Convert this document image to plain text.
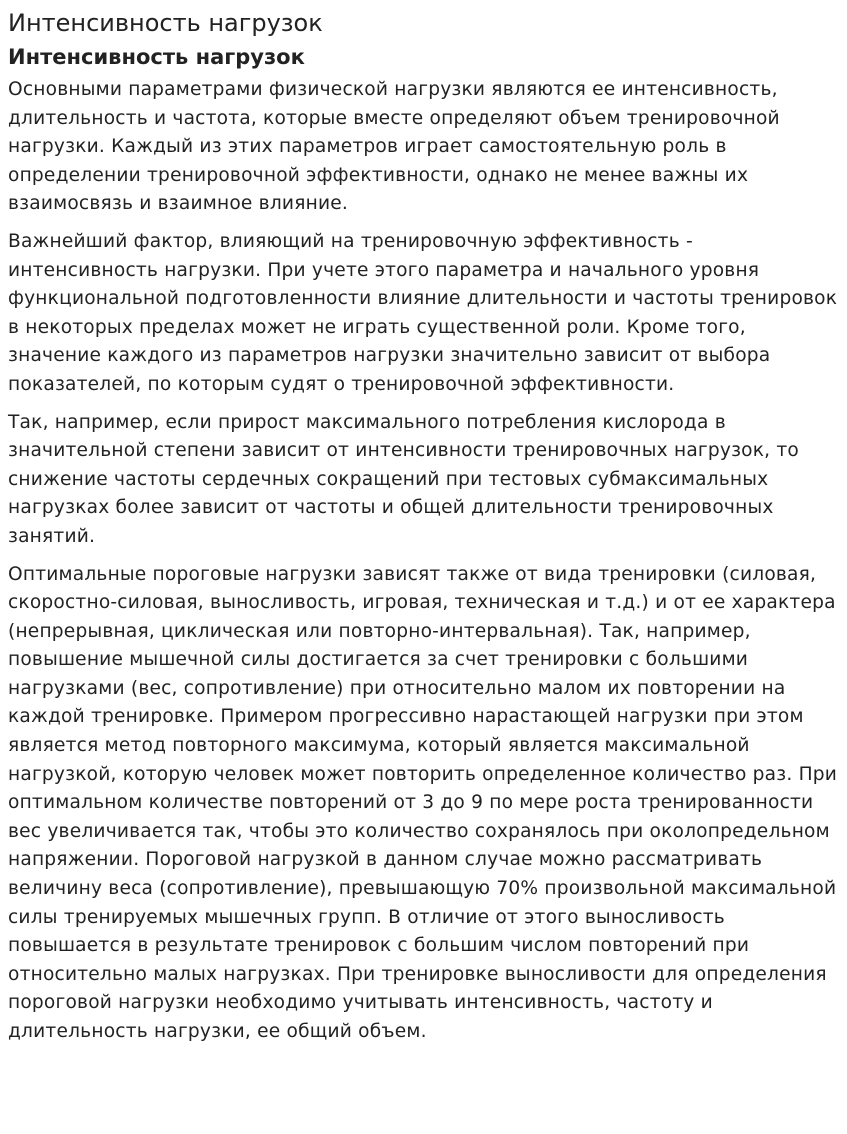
Интенсивность нагрузок
Интенсивность нагрузок

Основными параметрами физической нагрузки являются ее интенсивность, длительность и частота, которые вместе определяют объем тренировочной нагрузки. Каждый из этих параметров играет самостоятельную роль в определении тренировочной эффективности, однако не менее важны их взаимосвязь и взаимное влияние.

Важнейший фактор, влияющий на тренировочную эффективность - интенсивность нагрузки. При учете этого параметра и начального уровня функциональной подготовленности влияние длительности и частоты тренировок в некоторых пределах может не играть существенной роли. Кроме того, значение каждого из параметров нагрузки значительно зависит от выбора показателей, по которым судят о тренировочной эффективности.

Так, например, если прирост максимального потребления кислорода в значительной степени зависит от интенсивности тренировочных нагрузок, то снижение частоты сердечных сокращений при тестовых субмаксимальных нагрузках более зависит от частоты и общей длительности тренировочных занятий.

Оптимальные пороговые нагрузки зависят также от вида тренировки (силовая, скоростно-силовая, выносливость, игровая, техническая и т.д.) и от ее характера (непрерывная, циклическая или повторно-интервальная). Так, например, повышение мышечной силы достигается за счет тренировки с большими нагрузками (вес, сопротивление) при относительно малом их повторении на каждой тренировке. Примером прогрессивно нарастающей нагрузки при этом является метод повторного максимума, который является максимальной нагрузкой, которую человек может повторить определенное количество раз. При оптимальном количестве повторений от 3 до 9 по мере роста тренированности вес увеличивается так, чтобы это количество сохранялось при околопредельном напряжении. Пороговой нагрузкой в данном случае можно рассматривать величину веса (сопротивление), превышающую 70% произвольной максимальной силы тренируемых мышечных групп. В отличие от этого выносливость повышается в результате тренировок с большим числом повторений при относительно малых нагрузках. При тренировке выносливости для определения пороговой нагрузки необходимо учитывать интенсивность, частоту и длительность нагрузки, ее общий объем.
